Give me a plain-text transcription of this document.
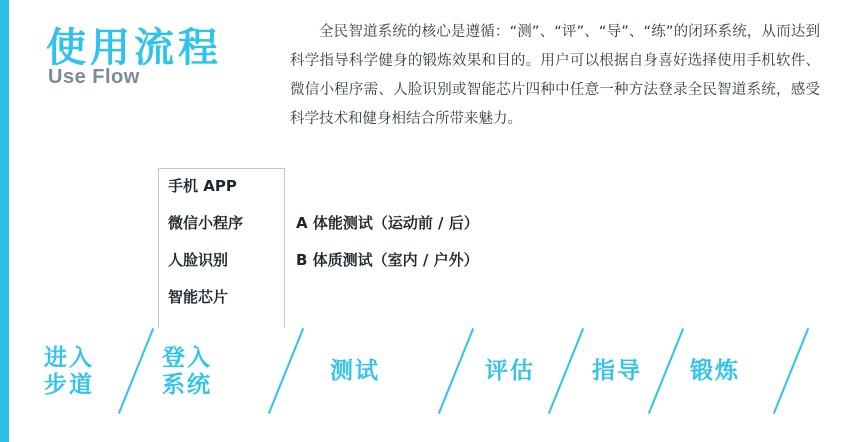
使用流程
Use Flow
全民智道系统的核心是遵循：“测”、“评”、“导”、“练”的闭环系统，从而达到科学指导科学健身的锻炼效果和目的。用户可以根据自身喜好选择使用手机软件、微信小程序需、人脸识别或智能芯片四种中任意一种方法登录全民智道系统，感受科学技术和健身相结合所带来魅力。
手机 APP
微信小程序
人脸识别
智能芯片
A 体能测试（运动前 / 后）
B 体质测试（室内 / 户外）
进入
步道
登入
系统
测试	评估 指导 锻炼
